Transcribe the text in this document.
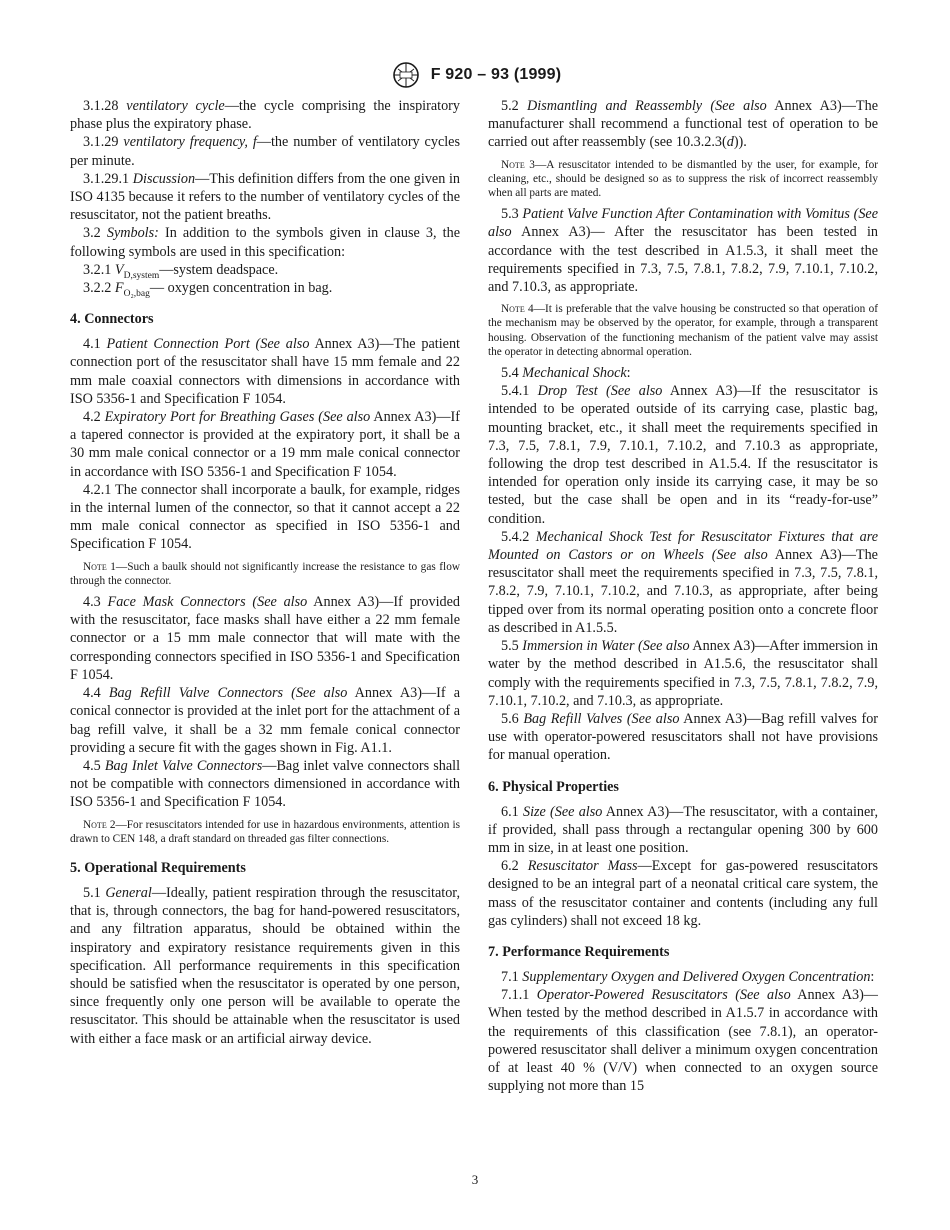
F 920 – 93 (1999)

3.1.28 ventilatory cycle—the cycle comprising the inspiratory phase plus the expiratory phase.

3.1.29 ventilatory frequency, f—the number of ventilatory cycles per minute.

3.1.29.1 Discussion—This definition differs from the one given in ISO 4135 because it refers to the number of ventilatory cycles of the resuscitator, not the patient breaths.

3.2 Symbols: In addition to the symbols given in clause 3, the following symbols are used in this specification:

3.2.1 $V_{D,system}—system$ deadspace.

3.2.2 $F_{O_2,bag}—$ oxygen concentration in bag.

4. Connectors

4.1 Patient Connection Port (See also Annex A3)—The patient connection port of the resuscitator shall have 15 mm female and 22 mm male coaxial connectors with dimensions in accordance with ISO 5356-1 and Specification F 1054.

4.2 Expiratory Port for Breathing Gases (See also Annex A3)—If a tapered connector is provided at the expiratory port, it shall be a 30 mm male conical connector or a 19 mm male conical connector in accordance with ISO 5356-1 and Specification F 1054.

4.2.1 The connector shall incorporate a baulk, for example, ridges in the internal lumen of the connector, so that it cannot accept a 22 mm male conical connector as specified in ISO 5356-1 and Specification F 1054.

Note 1—Such a baulk should not significantly increase the resistance to gas flow through the connector.

4.3 Face Mask Connectors (See also Annex A3)—If provided with the resuscitator, face masks shall have either a 22 mm female connector or a 15 mm male connector that will mate with the corresponding connectors specified in ISO 5356-1 and Specification F 1054.

4.4 Bag Refill Valve Connectors (See also Annex A3)—If a conical connector is provided at the inlet port for the attachment of a bag refill valve, it shall be a 32 mm female conical connector providing a secure fit with the gages shown in Fig. A1.1.

4.5 Bag Inlet Valve Connectors—Bag inlet valve connectors shall not be compatible with connectors dimensioned in accordance with ISO 5356-1 and Specification F 1054.

Note 2—For resuscitators intended for use in hazardous environments, attention is drawn to CEN 148, a draft standard on threaded gas filter connections.

5. Operational Requirements

5.1 General—Ideally, patient respiration through the resuscitator, that is, through connectors, the bag for hand-powered resuscitators, and any filtration apparatus, should be obtained within the inspiratory and expiratory resistance requirements given in this specification. All performance requirements in this specification should be satisfied when the resuscitator is operated by one person, since frequently only one person will be available to operate the resuscitator. This should be attainable when the resuscitator is used with either a face mask or an artificial airway device.

5.2 Dismantling and Reassembly (See also Annex A3)—The manufacturer shall recommend a functional test of operation to be carried out after reassembly (see 10.3.2.3(d)).

Note 3—A resuscitator intended to be dismantled by the user, for example, for cleaning, etc., should be designed so as to suppress the risk of incorrect reassembly when all parts are mated.

5.3 Patient Valve Function After Contamination with Vomitus (See also Annex A3)— After the resuscitator has been tested in accordance with the test described in A1.5.3, it shall meet the requirements specified in 7.3, 7.5, 7.8.1, 7.8.2, 7.9, 7.10.1, 7.10.2, and 7.10.3, as appropriate.

Note 4—It is preferable that the valve housing be constructed so that operation of the mechanism may be observed by the operator, for example, through a transparent housing. Observation of the functioning mechanism of the patient valve may assist the operator in detecting abnormal operation.

5.4 Mechanical Shock:

5.4.1 Drop Test (See also Annex A3)—If the resuscitator is intended to be operated outside of its carrying case, plastic bag, mounting bracket, etc., it shall meet the requirements specified in 7.3, 7.5, 7.8.1, 7.9, 7.10.1, 7.10.2, and 7.10.3 as appropriate, following the drop test described in A1.5.4. If the resuscitator is intended for operation only inside its carrying case, it may be so tested, but the case shall be open and in its “ready-for-use” condition.

5.4.2 Mechanical Shock Test for Resuscitator Fixtures that are Mounted on Castors or on Wheels (See also Annex A3)—The resuscitator shall meet the requirements specified in 7.3, 7.5, 7.8.1, 7.8.2, 7.9, 7.10.1, 7.10.2, and 7.10.3, as appropriate, after being tipped over from its normal operating position onto a concrete floor as described in A1.5.5.

5.5 Immersion in Water (See also Annex A3)—After immersion in water by the method described in A1.5.6, the resuscitator shall comply with the requirements specified in 7.3, 7.5, 7.8.1, 7.8.2, 7.9, 7.10.1, 7.10.2, and 7.10.3, as appropriate.

5.6 Bag Refill Valves (See also Annex A3)—Bag refill valves for use with operator-powered resuscitators shall not have provisions for manual operation.

6. Physical Properties

6.1 Size (See also Annex A3)—The resuscitator, with a container, if provided, shall pass through a rectangular opening 300 by 600 mm in size, in at least one position.

6.2 Resuscitator Mass—Except for gas-powered resuscitators designed to be an integral part of a neonatal critical care system, the mass of the resuscitator container and contents (including any full gas cylinders) shall not exceed 18 kg.

7. Performance Requirements

7.1 Supplementary Oxygen and Delivered Oxygen Concentration:

7.1.1 Operator-Powered Resuscitators (See also Annex A3)—When tested by the method described in A1.5.7 in accordance with the requirements of this classification (see 7.8.1), an operator-powered resuscitator shall deliver a minimum oxygen concentration of at least 40 % (V/V) when connected to an oxygen source supplying not more than 15

3
